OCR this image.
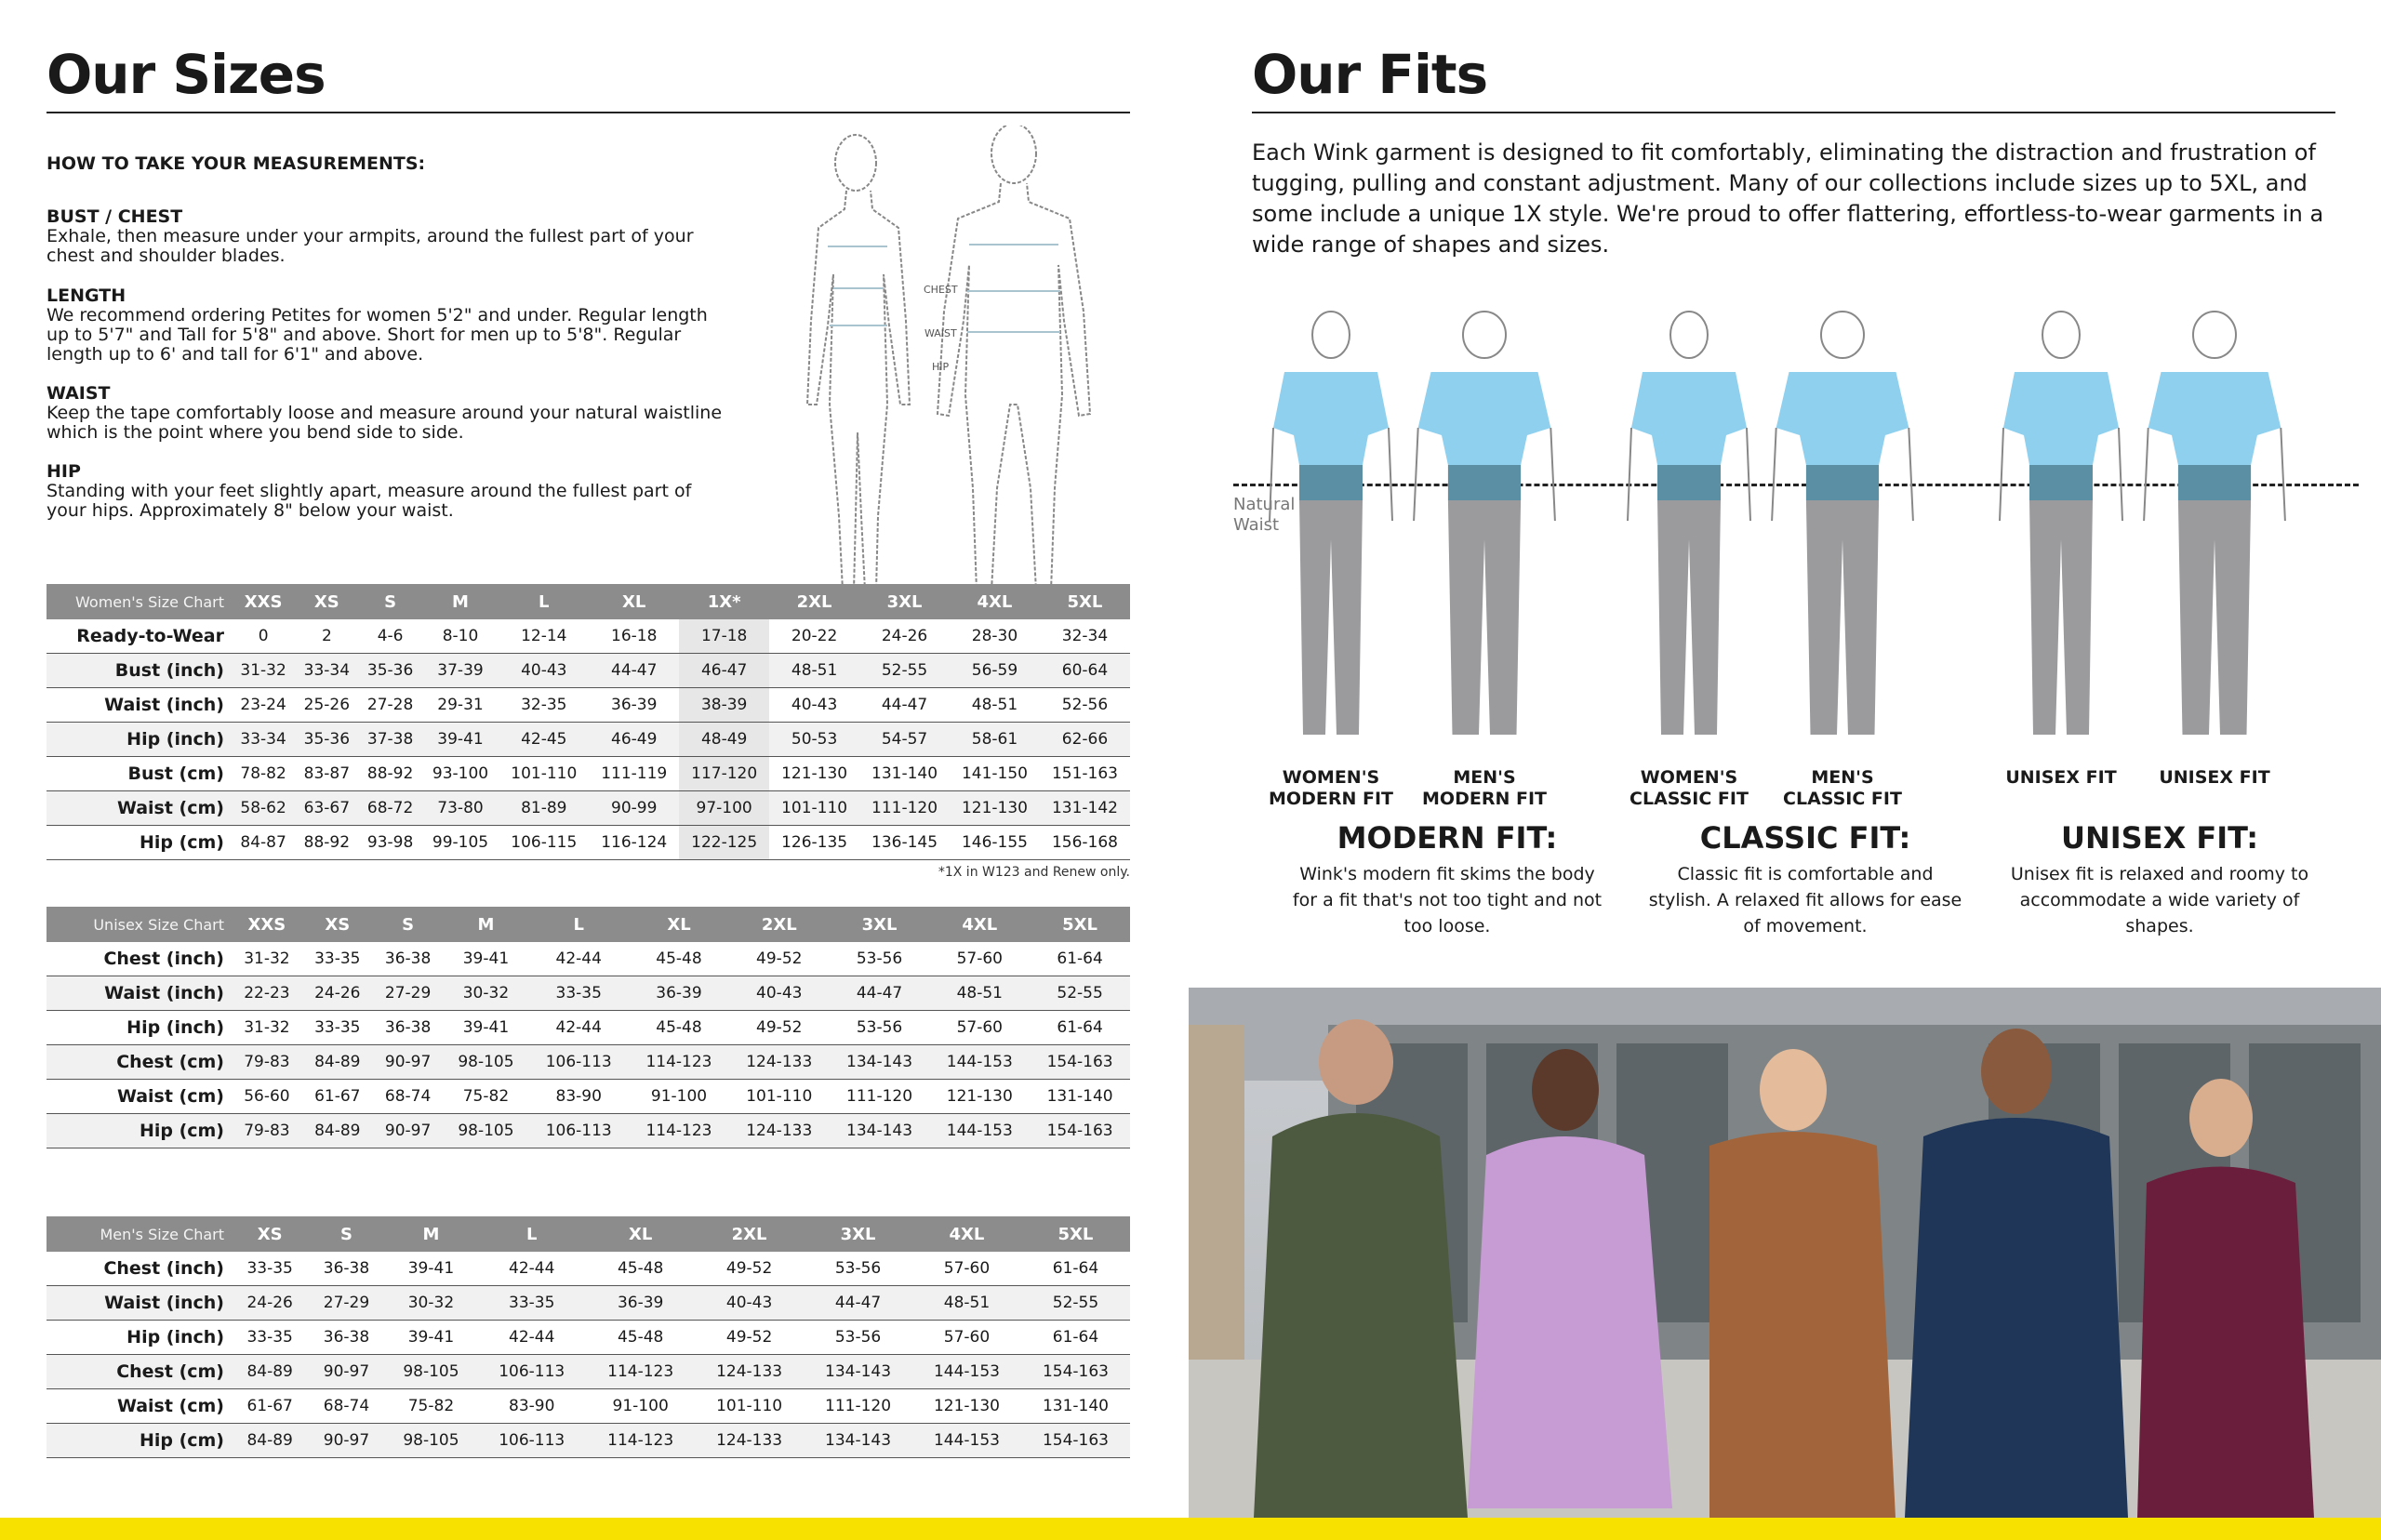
Our Sizes
HOW TO TAKE YOUR MEASUREMENTS:
BUST / CHEST

Exhale, then measure under your armpits, around the fullest part of your chest and shoulder blades.

LENGTH

We recommend ordering Petites for women 5'2" and under. Regular length up to 5'7" and Tall for 5'8" and above. Short for men up to 5'8". Regular length up to 6' and tall for 6'1" and above.

WAIST

Keep the tape comfortably loose and measure around your natural waistline which is the point where you bend side to side.

HIP

Standing with your feet slightly apart, measure around the fullest part of your hips. Approximately 8" below your waist.

CHEST
WAIST
HIP
Women's Size Chart	XXS	XS	S	M	L	XL	1X*	2XL	3XL	4XL	5XL
Ready-to-Wear	0	2	4-6	8-10	12-14	16-18	17-18	20-22	24-26	28-30	32-34
Bust (inch)	31-32	33-34	35-36	37-39	40-43	44-47	46-47	48-51	52-55	56-59	60-64
Waist (inch)	23-24	25-26	27-28	29-31	32-35	36-39	38-39	40-43	44-47	48-51	52-56
Hip (inch)	33-34	35-36	37-38	39-41	42-45	46-49	48-49	50-53	54-57	58-61	62-66
Bust (cm)	78-82	83-87	88-92	93-100	101-110	111-119	117-120	121-130	131-140	141-150	151-163
Waist (cm)	58-62	63-67	68-72	73-80	81-89	90-99	97-100	101-110	111-120	121-130	131-142
Hip (cm)	84-87	88-92	93-98	99-105	106-115	116-124	122-125	126-135	136-145	146-155	156-168
*1X in W123 and Renew only.
Unisex Size Chart	XXS	XS	S	M	L	XL	2XL	3XL	4XL	5XL
Chest (inch)	31-32	33-35	36-38	39-41	42-44	45-48	49-52	53-56	57-60	61-64
Waist (inch)	22-23	24-26	27-29	30-32	33-35	36-39	40-43	44-47	48-51	52-55
Hip (inch)	31-32	33-35	36-38	39-41	42-44	45-48	49-52	53-56	57-60	61-64
Chest (cm)	79-83	84-89	90-97	98-105	106-113	114-123	124-133	134-143	144-153	154-163
Waist (cm)	56-60	61-67	68-74	75-82	83-90	91-100	101-110	111-120	121-130	131-140
Hip (cm)	79-83	84-89	90-97	98-105	106-113	114-123	124-133	134-143	144-153	154-163
Men's Size Chart	XS	S	M	L	XL	2XL	3XL	4XL	5XL
Chest (inch)	33-35	36-38	39-41	42-44	45-48	49-52	53-56	57-60	61-64
Waist (inch)	24-26	27-29	30-32	33-35	36-39	40-43	44-47	48-51	52-55
Hip (inch)	33-35	36-38	39-41	42-44	45-48	49-52	53-56	57-60	61-64
Chest (cm)	84-89	90-97	98-105	106-113	114-123	124-133	134-143	144-153	154-163
Waist (cm)	61-67	68-74	75-82	83-90	91-100	101-110	111-120	121-130	131-140
Hip (cm)	84-89	90-97	98-105	106-113	114-123	124-133	134-143	144-153	154-163
Our Fits
Each Wink garment is designed to fit comfortably, eliminating the distraction and frustration of tugging, pulling and constant adjustment. Many of our collections include sizes up to 5XL, and some include a unique 1X style. We're proud to offer flattering, effortless-to-wear garments in a wide range of shapes and sizes.
Natural Waist
WOMEN'S MODERN FIT
MEN'S MODERN FIT
WOMEN'S CLASSIC FIT
MEN'S CLASSIC FIT
UNISEX FIT	UNISEX FIT
MODERN FIT:
Wink's modern fit skims the body for a fit that's not too tight and not too loose.
CLASSIC FIT:
Classic fit is comfortable and stylish. A relaxed fit allows for ease of movement.
UNISEX FIT:
Unisex fit is relaxed and roomy to accommodate a wide variety of shapes.
